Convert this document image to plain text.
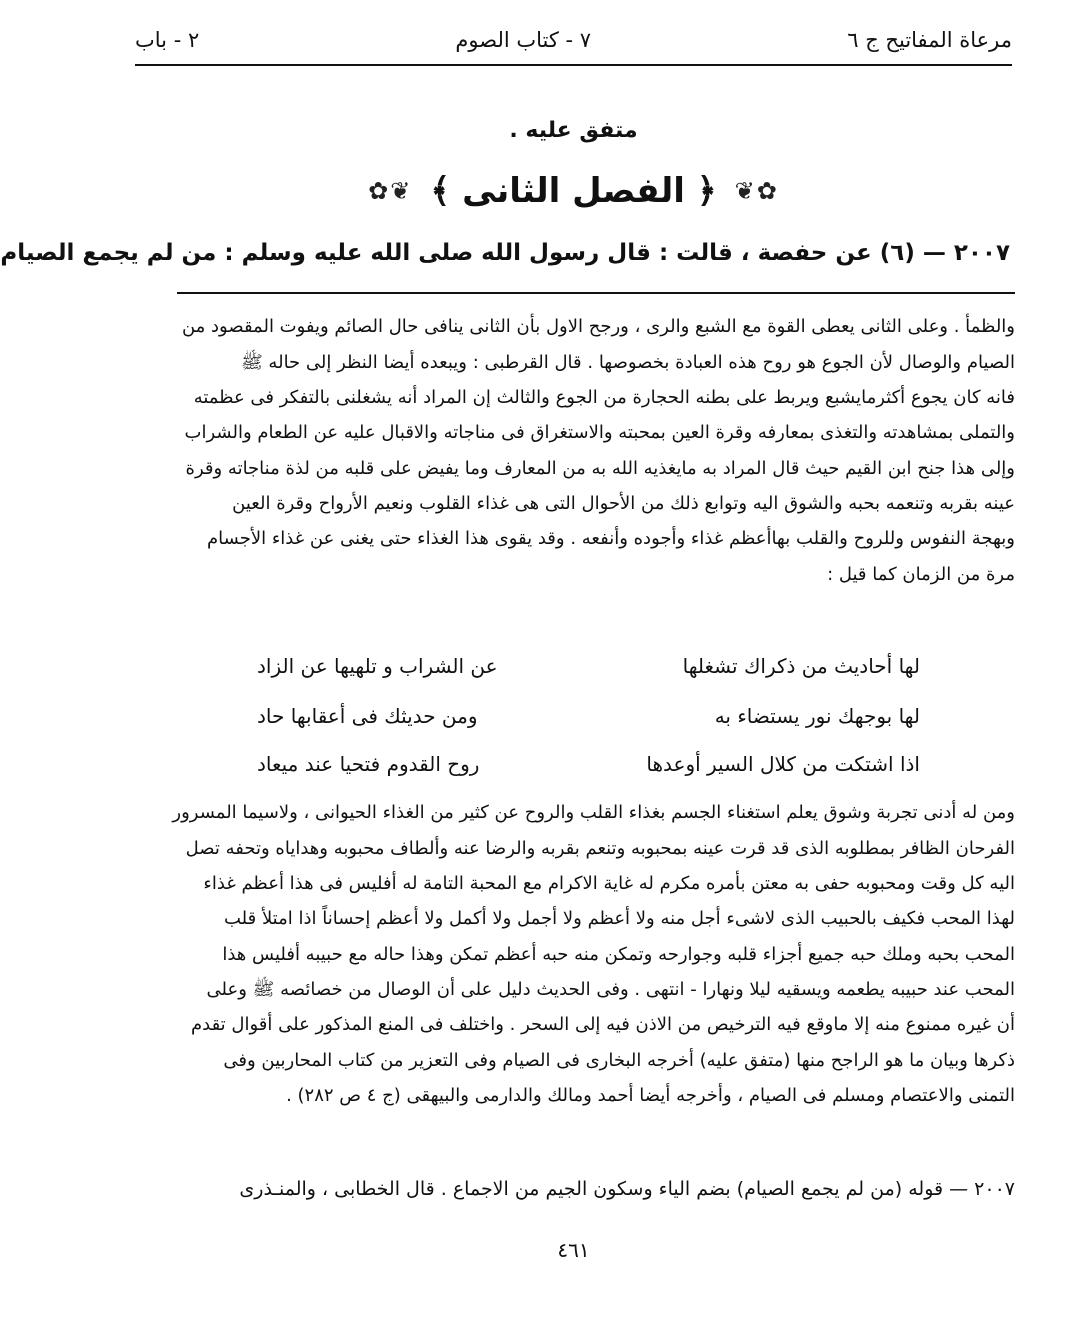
مرعاة المفاتيح ج ٦
٧ - كتاب الصوم
٢ - باب
متفق عليه .
✿❦
﴿ الفصل الثانى ﴾
❦✿
٢٠٠٧ — (٦) عن حفصة ، قالت : قال رسول الله صلى الله عليه وسلم : من لم يجمع الصيام
والظمأ . وعلى الثانى يعطى القوة مع الشبع والرى ، ورجح الاول بأن الثانى ينافى حال الصائم ويفوت المقصود من
الصيام والوصال لأن الجوع هو روح هذه العبادة بخصوصها . قال القرطبى : ويبعده أيضا النظر إلى حاله ﷺ
فانه كان يجوع أكثرمايشبع ويربط على بطنه الحجارة من الجوع والثالث إن المراد أنه يشغلنى بالتفكر فى عظمته
والتملى بمشاهدته والتغذى بمعارفه وقرة العين بمحبته والاستغراق فى مناجاته والاقبال عليه عن الطعام والشراب
وإلى هذا جنح ابن القيم حيث قال المراد به مايغذيه الله به من المعارف وما يفيض على قلبه من لذة مناجاته وقرة
عينه بقربه وتنعمه بحبه والشوق اليه وتوابع ذلك من الأحوال التى هى غذاء القلوب ونعيم الأرواح وقرة العين
وبهجة النفوس وللروح والقلب بهاأعظم غذاء وأجوده وأنفعه . وقد يقوى هذا الغذاء حتى يغنى عن غذاء الأجسام
مرة من الزمان كما قيل :
لها أحاديث من ذكراك تشغلها
عن الشراب و تلهيها عن الزاد
لها بوجهك نور يستضاء به
ومن حديثك فى أعقابها حاد
اذا اشتكت من كلال السير أوعدها
روح القدوم فتحيا عند ميعاد
ومن له أدنى تجربة وشوق يعلم استغناء الجسم بغذاء القلب والروح عن كثير من الغذاء الحيوانى ، ولاسيما المسرور
الفرحان الظافر بمطلوبه الذى قد قرت عينه بمحبوبه وتنعم بقربه والرضا عنه وألطاف محبوبه وهداياه وتحفه تصل
اليه كل وقت ومحبوبه حفى به معتن بأمره مكرم له غاية الاكرام مع المحبة التامة له أفليس فى هذا أعظم غذاء
لهذا المحب فكيف بالحبيب الذى لاشىء أجل منه ولا أعظم ولا أجمل ولا أكمل ولا أعظم إحساناً اذا امتلأ قلب
المحب بحبه وملك حبه جميع أجزاء قلبه وجوارحه وتمكن منه حبه أعظم تمكن وهذا حاله مع حبيبه أفليس هذا
المحب عند حبيبه يطعمه ويسقيه ليلا ونهارا - انتهى . وفى الحديث دليل على أن الوصال من خصائصه ﷺ وعلى
أن غيره ممنوع منه إلا ماوقع فيه الترخيص من الاذن فيه إلى السحر . واختلف فى المنع المذكور على أقوال تقدم
ذكرها وبيان ما هو الراجح منها (متفق عليه) أخرجه البخارى فى الصيام وفى التعزير من كتاب المحاربين وفى
التمنى والاعتصام ومسلم فى الصيام ، وأخرجه أيضا أحمد ومالك والدارمى والبيهقى (ج ٤ ص ٢٨٢) .
٢٠٠٧ — قوله (من لم يجمع الصيام) بضم الياء وسكون الجيم من الاجماع . قال الخطابى ، والمنـذرى
٤٦١
